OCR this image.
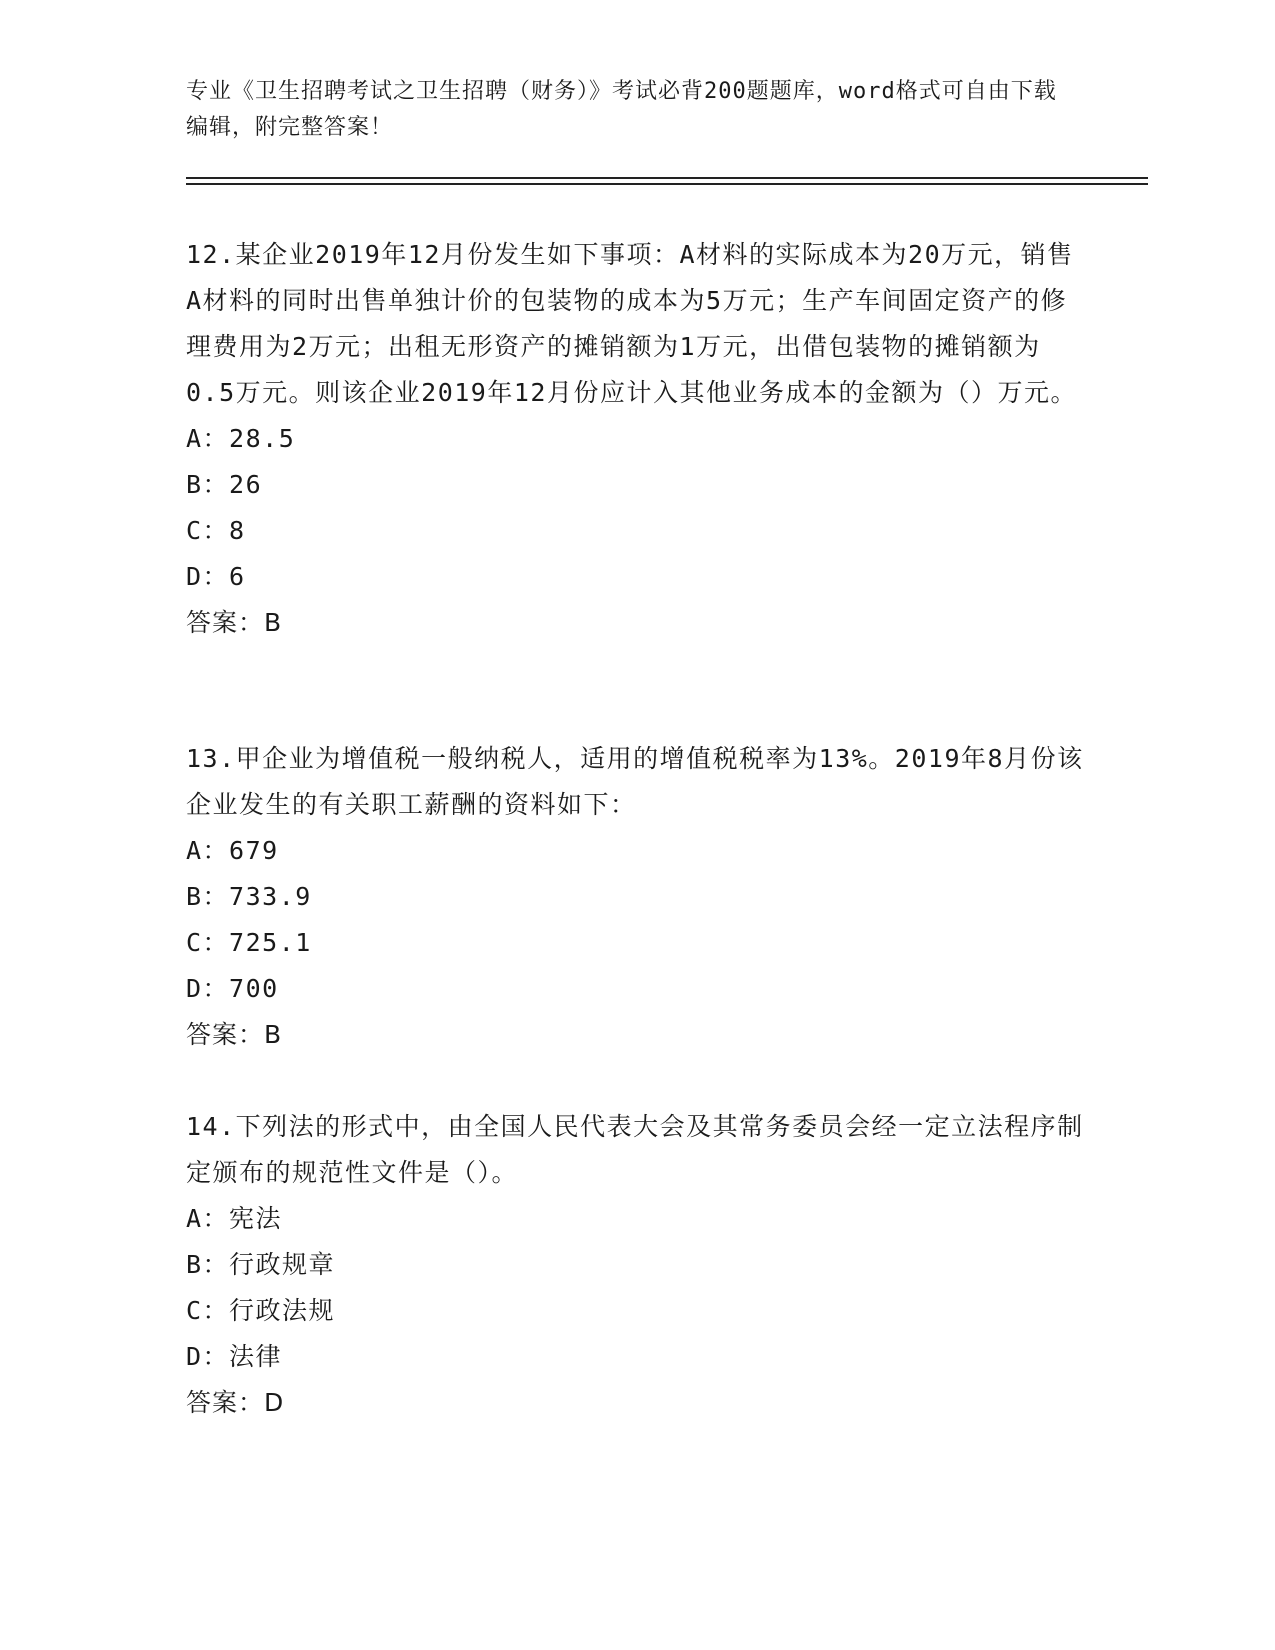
专业《卫生招聘考试之卫生招聘（财务）》考试必背200题题库，word格式可自由下载编辑，附完整答案！

12.某企业2019年12月份发生如下事项：A材料的实际成本为20万元，销售A材料的同时出售单独计价的包装物的成本为5万元；生产车间固定资产的修理费用为2万元；出租无形资产的摊销额为1万元，出借包装物的摊销额为0.5万元。则该企业2019年12月份应计入其他业务成本的金额为（）万元。

A：28.5
B：26
C：8
D：6
答案：B

13.甲企业为增值税一般纳税人，适用的增值税税率为13%。2019年8月份该企业发生的有关职工薪酬的资料如下：

A：679
B：733.9
C：725.1
D：700
答案：B

14.下列法的形式中，由全国人民代表大会及其常务委员会经一定立法程序制定颁布的规范性文件是（）。

A：宪法
B：行政规章
C：行政法规
D：法律
答案：D
